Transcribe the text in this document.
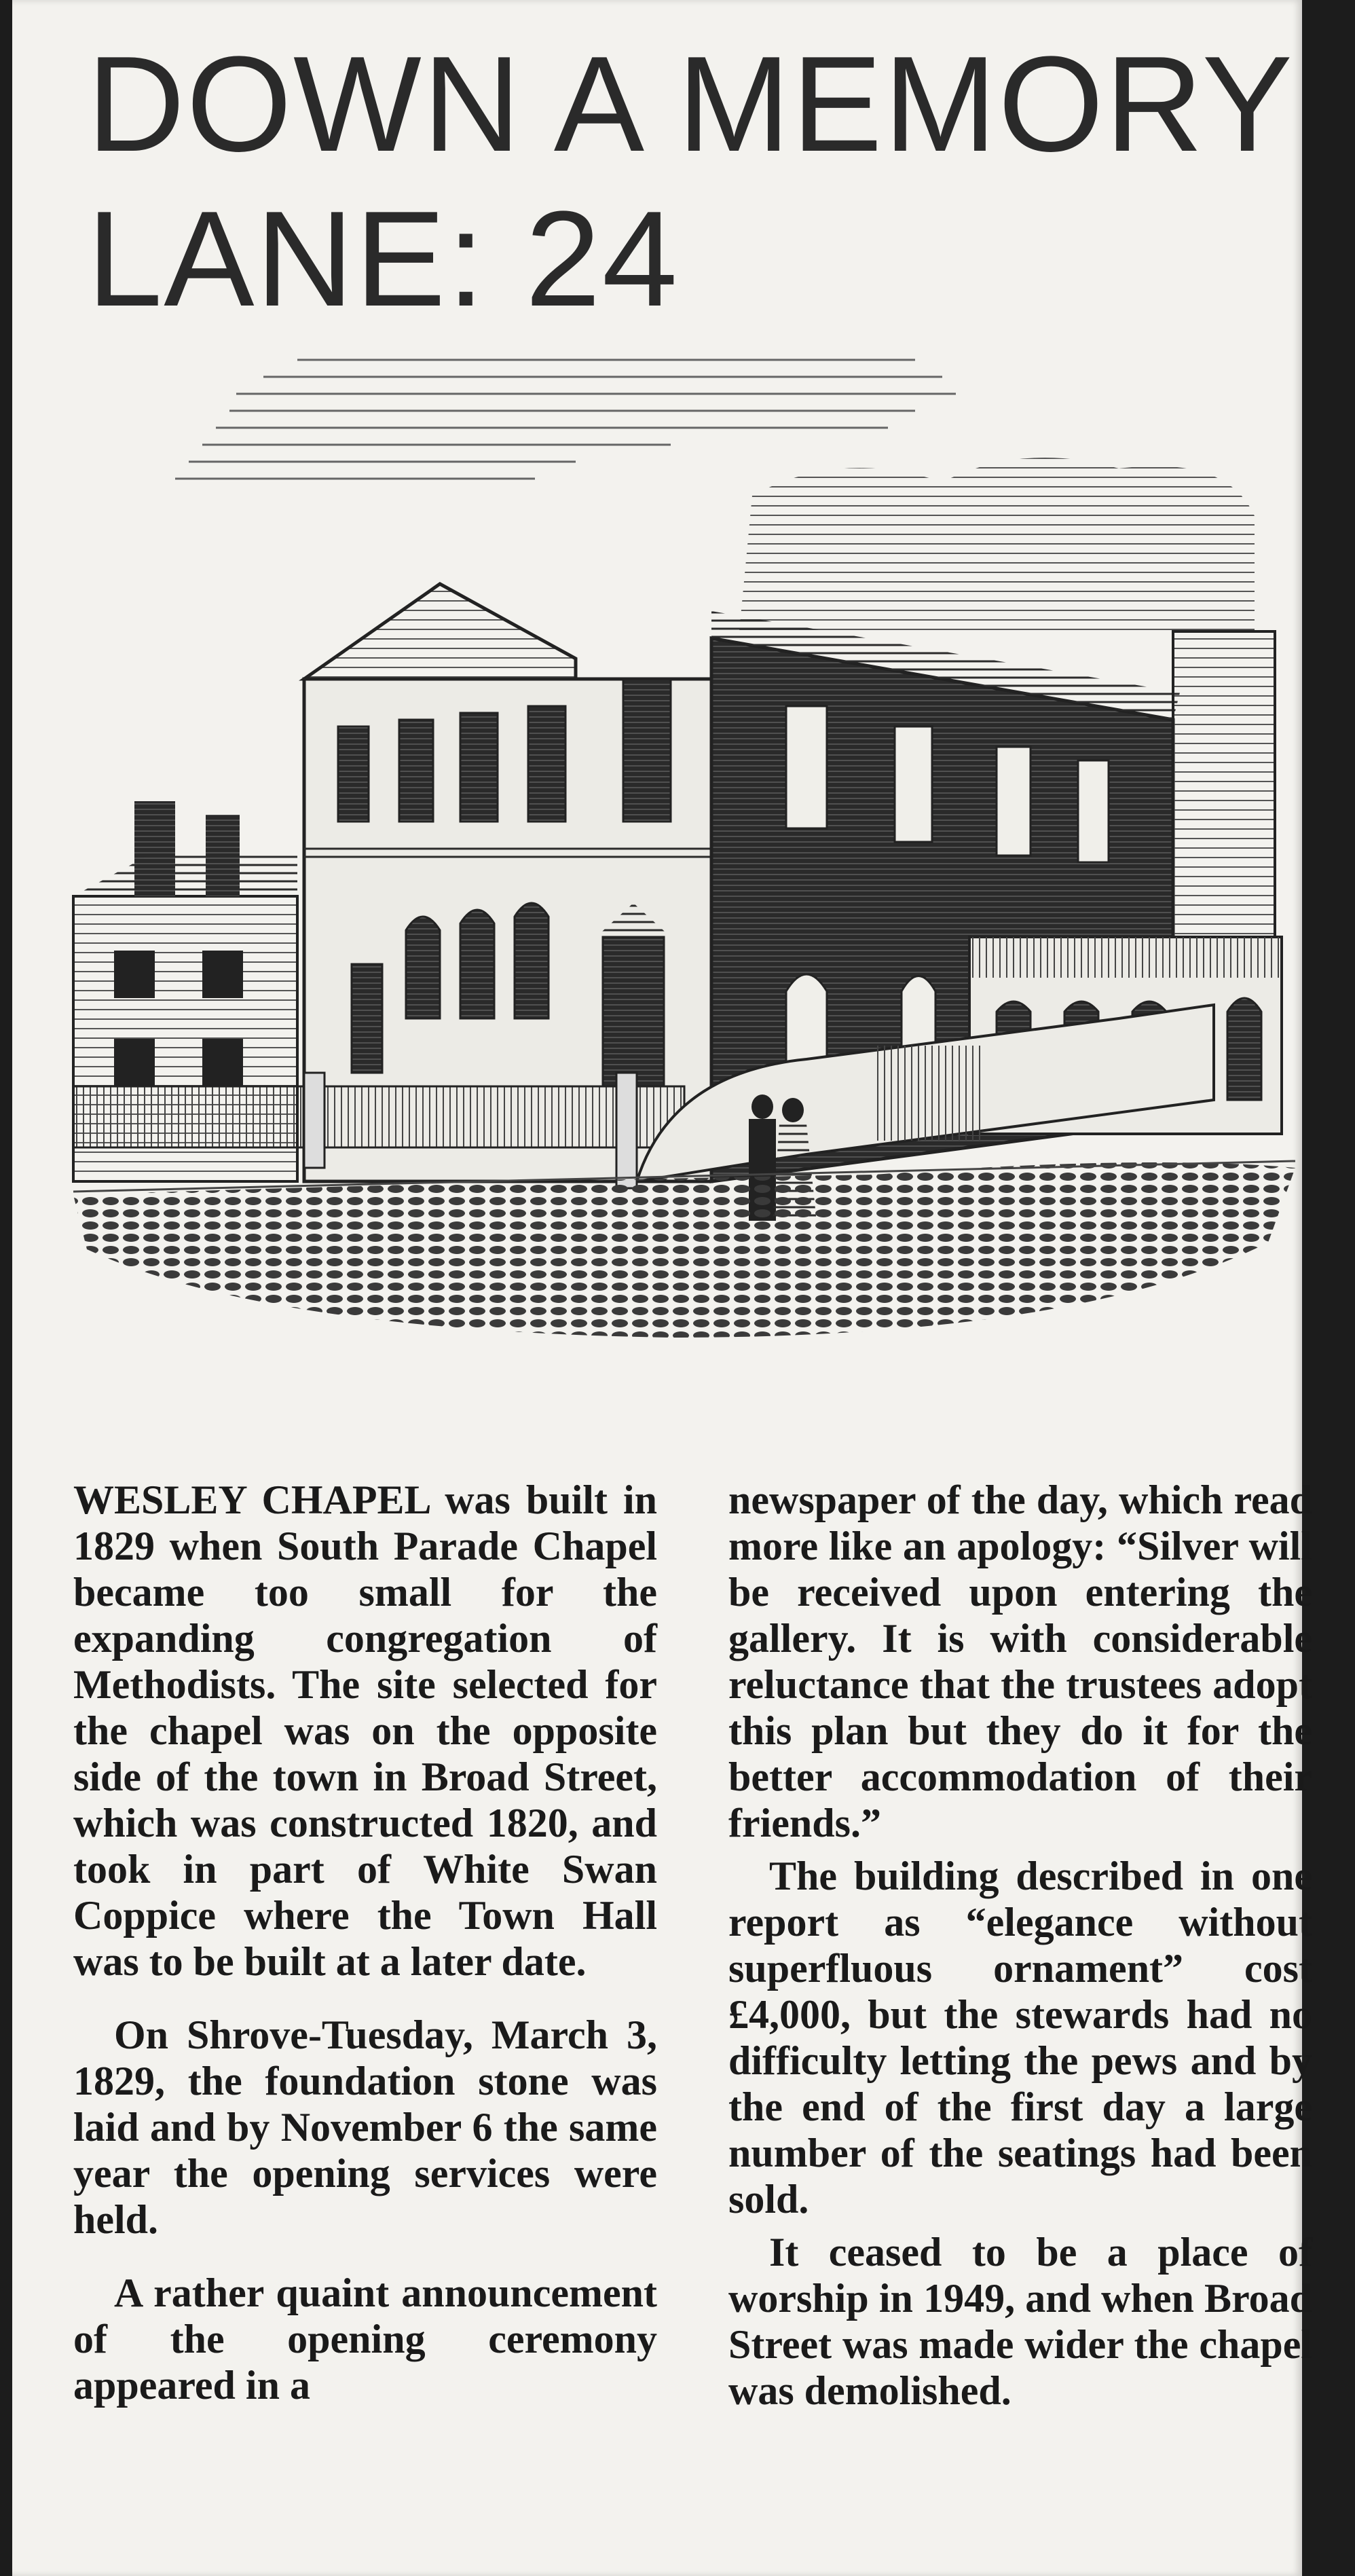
DOWN A MEMORY
LANE: 24

WESLEY CHAPEL was built in 1829 when South Parade Chapel became too small for the expanding congregation of Methodists. The site selected for the chapel was on the opposite side of the town in Broad Street, which was constructed 1820, and took in part of White Swan Coppice where the Town Hall was to be built at a later date.

On Shrove-Tuesday, March 3, 1829, the foundation stone was laid and by November 6 the same year the opening services were held.

A rather quaint announcement of the opening ceremony appeared in a

newspaper of the day, which read more like an apology: “Silver will be received upon entering the gallery. It is with considerable reluctance that the trustees adopt this plan but they do it for the better accommodation of their friends.”

The building described in one report as “elegance without superfluous ornament” cost £4,000, but the stewards had no difficulty letting the pews and by the end of the first day a large number of the seatings had been sold.

It ceased to be a place of worship in 1949, and when Broad Street was made wider the chapel was demolished.
